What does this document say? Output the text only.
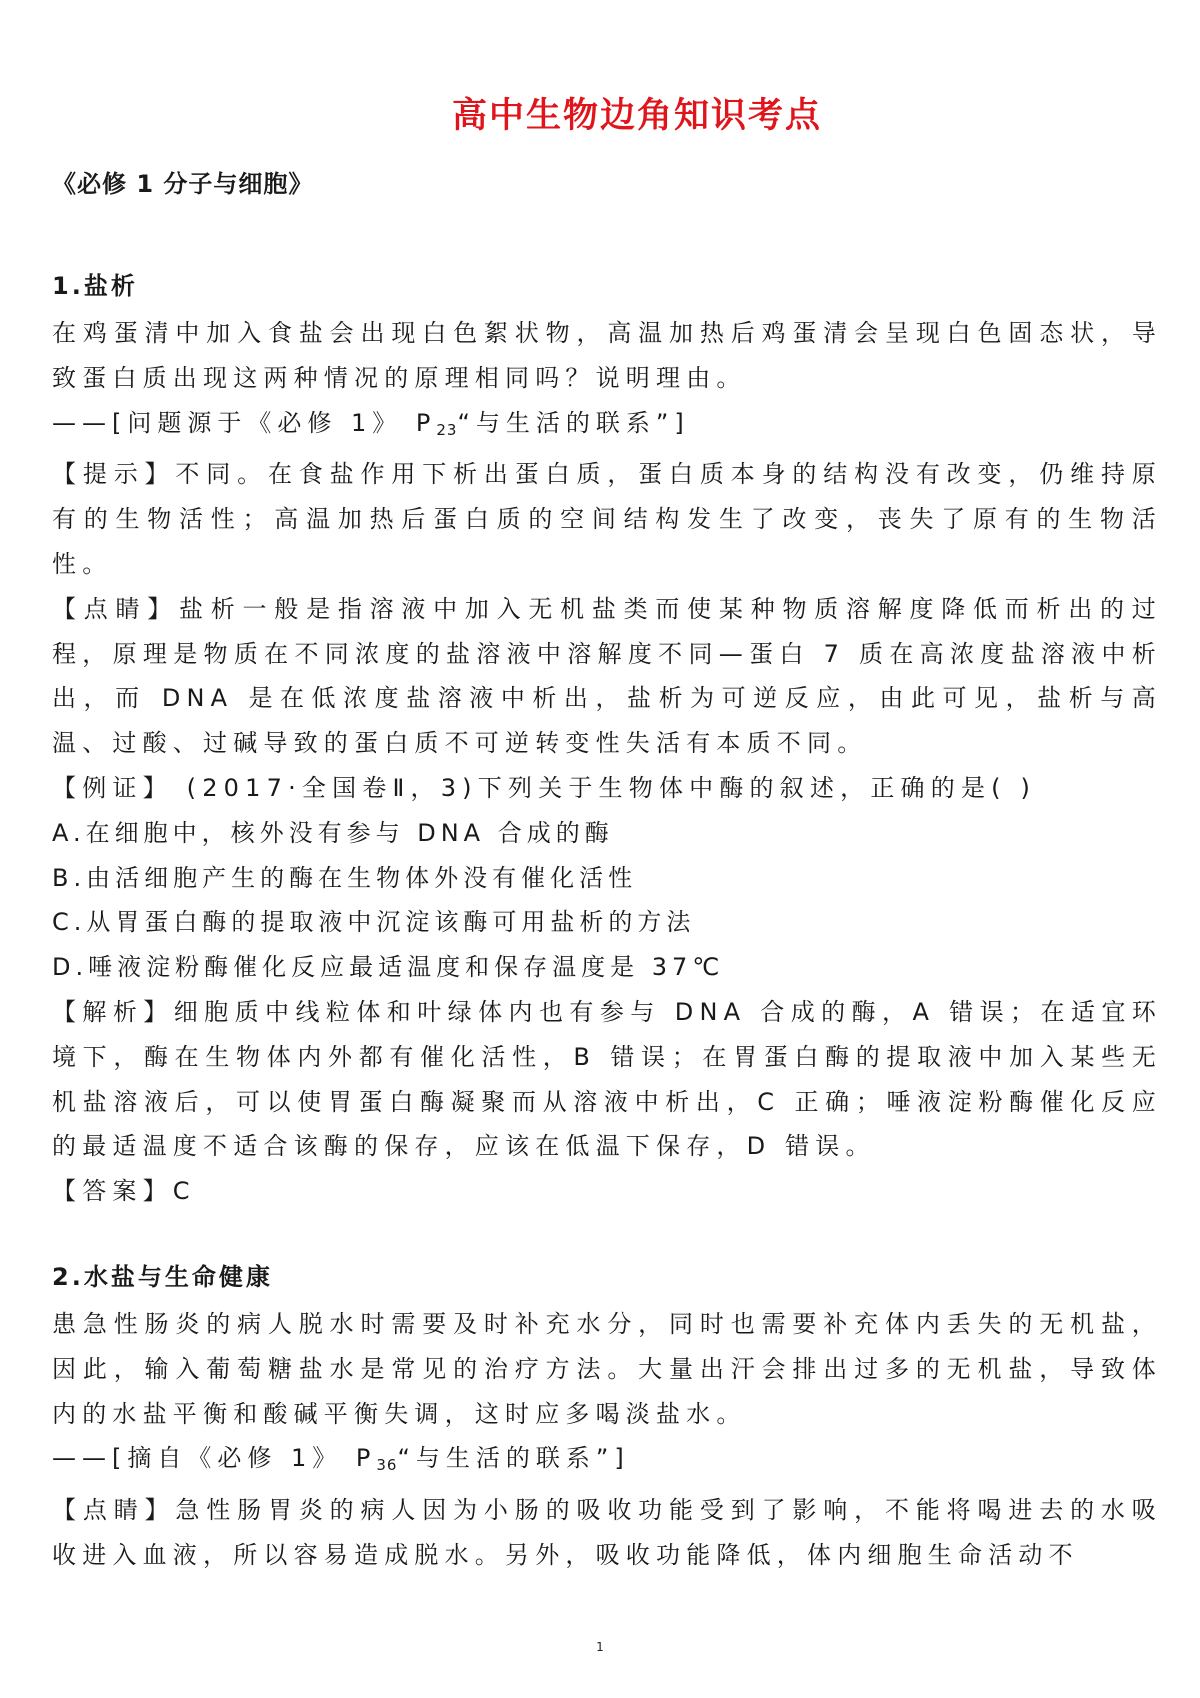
高中生物边角知识考点
《必修 1 分子与细胞》
1.盐析

在鸡蛋清中加入食盐会出现白色絮状物，高温加热后鸡蛋清会呈现白色固态状，导致蛋白质出现这两种情况的原理相同吗？说明理由。

——[问题源于《必修 1》 $P_{23}“$与生活的联系”]

【提示】不同。在食盐作用下析出蛋白质，蛋白质本身的结构没有改变，仍维持原有的生物活性；高温加热后蛋白质的空间结构发生了改变，丧失了原有的生物活性。

【点睛】盐析一般是指溶液中加入无机盐类而使某种物质溶解度降低而析出的过程，原理是物质在不同浓度的盐溶液中溶解度不同—蛋白 7 质在高浓度盐溶液中析出，而 DNA 是在低浓度盐溶液中析出，盐析为可逆反应，由此可见，盐析与高温、过酸、过碱导致的蛋白质不可逆转变性失活有本质不同。

【例证】 (2017·全国卷Ⅱ，3)下列关于生物体中酶的叙述，正确的是( )

A.在细胞中，核外没有参与 DNA 合成的酶

B.由活细胞产生的酶在生物体外没有催化活性

C.从胃蛋白酶的提取液中沉淀该酶可用盐析的方法

D.唾液淀粉酶催化反应最适温度和保存温度是 37℃

【解析】细胞质中线粒体和叶绿体内也有参与 DNA 合成的酶，A 错误；在适宜环境下，酶在生物体内外都有催化活性，B 错误；在胃蛋白酶的提取液中加入某些无机盐溶液后，可以使胃蛋白酶凝聚而从溶液中析出，C 正确；唾液淀粉酶催化反应的最适温度不适合该酶的保存，应该在低温下保存，D 错误。

【答案】C

2.水盐与生命健康

患急性肠炎的病人脱水时需要及时补充水分，同时也需要补充体内丢失的无机盐，因此，输入葡萄糖盐水是常见的治疗方法。大量出汗会排出过多的无机盐，导致体内的水盐平衡和酸碱平衡失调，这时应多喝淡盐水。

——[摘自《必修 1》 $P_{36}“$与生活的联系”]

【点睛】急性肠胃炎的病人因为小肠的吸收功能受到了影响，不能将喝进去的水吸收进入血液，所以容易造成脱水。另外，吸收功能降低，体内细胞生命活动不

1
